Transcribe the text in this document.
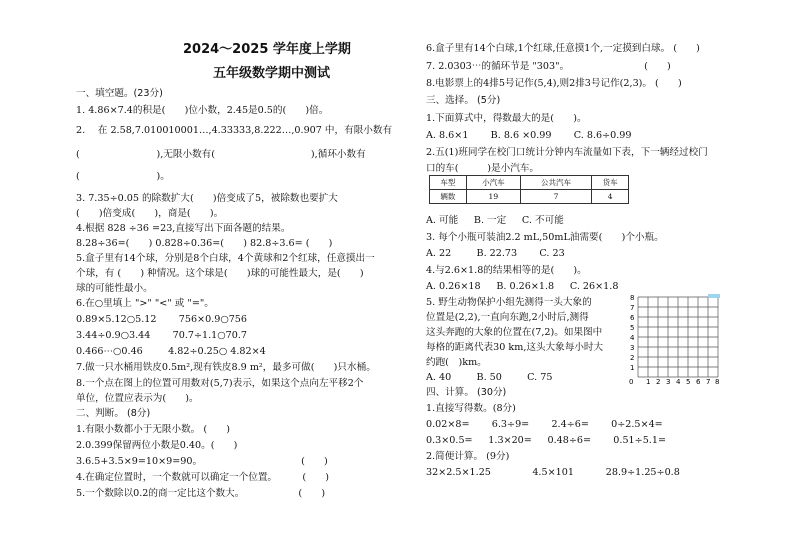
2024～2025 学年度上学期
五年级数学期中测试
一、填空题。(23分)
1. 4.86×7.4的积是(　　)位小数，2.45是0.5的(　　)倍。
2. 　在 2.58,7.010010001…,4.33333,8.222…,0.907 中，有限小数有
(　　　　　　　　),无限小数有(　　　　　　　　　　),循环小数有
(　　　　　　　　)。
3. 7.35÷0.05 的除数扩大(　　)倍变成了5，被除数也要扩大
(　　)倍变成(　　)，商是(　　)。
4.根据 828 ÷36 =23,直接写出下面各题的结果。
8.28÷36=(　　) 0.828÷0.36=(　　) 82.8÷3.6= (　　)
5.盒子里有14个球，分别是8个白球，4个黄球和2个红球，任意摸出一
个球，有 (　　) 种情况。这个球是(　　)球的可能性最大，是(　　)
球的可能性最小。
6.在○里填上 ">" "<" 或 "="。
0.89×5.12○5.12 　　756×0.9○756
3.44÷0.9○3.44 　　70.7÷1.1○70.7
0.466⋯○0.46 　　 4.82÷0.25○ 4.82×4
7.做一只水桶用铁皮0.5m²,现有铁皮8.9 m²，最多可做(　　)只水桶。
8.一个点在图上的位置可用数对(5,7)表示，如果这个点向左平移2个
单位，位置应表示为(　　)。
二、判断。 (8分)
1.有限小数都小于无限小数。 (　　)
2.0.399保留两位小数是0.40。(　　)
3.6.5+3.5×9=10×9=90。 　　　　　　　　　　(　　)
4.在确定位置时，一个数就可以确定一个位置。 　　 (　　)
5.一个数除以0.2的商一定比这个数大。 　　　　　 (　　)
6.盒子里有14个白球,1个红球,任意摸1个,一定摸到白球。 (　　)
7. 2.0303⋯的循环节是 "303"。　　　　　　　　 (　　)
8.电影票上的4排5号记作(5,4),则2排3号记作(2,3)。 (　　)
三、选择。 (5分)
1.下面算式中，得数最大的是(　　)。
A. 8.6×1 　　B. 8.6 ×0.99 　　C. 8.6÷0.99
2.五(1)班同学在校门口统计分钟内车流量如下表，下一辆经过校门
口的车(　　　)是小汽车。
车型	小汽车	公共汽车	货车
辆数	19	7	4
A. 可能 　 B. 一定 　 C. 不可能
3. 每个小瓶可装油2.2 mL,50mL油需要(　　)个小瓶。
A. 22 　　 B. 22.73 　　C. 23
4.与2.6×1.8的结果相等的是(　　)。
A. 0.26×18 　 B. 0.26×1.8 　 C. 26×1.8
5. 野生动物保护小组先测得一头大象的
位置是(2,2),一直向东跑,2小时后,测得
这头奔跑的大象的位置在(7,2)。如果图中
每格的距离代表30 km,这头大象每小时大
约跑(　)km。
A. 40 　　 B. 50 　　 C. 75
四、计算。 (30分)
1.直接写得数。(8分)
0.02×8= 　　6.3÷9= 　　2.4÷6= 　　0÷2.5×4=
0.3×0.5= 　 1.3×20= 　 0.48÷6= 　　0.51÷5.1=
2.简便计算。 (9分)
32×2.5×1.25 　　　　4.5×101 　　　28.9÷1.25÷0.8
8
7
6
5
4
3
2
1
0 1 2 3 4 5 6 7 8
